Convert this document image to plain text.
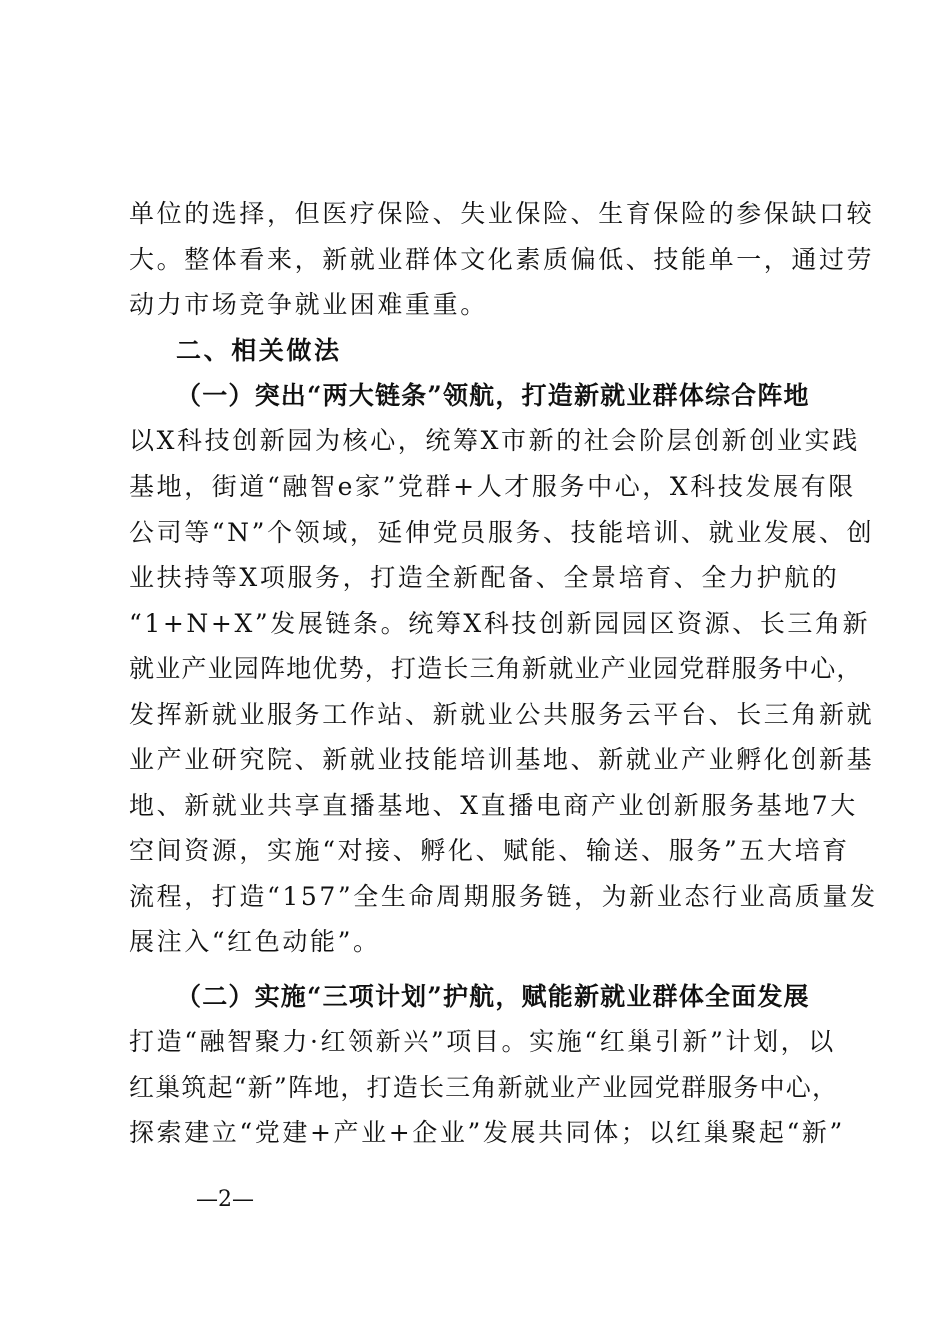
单位的选择，但医疗保险、失业保险、生育保险的参保缺口较
大。整体看来，新就业群体文化素质偏低、技能单一，通过劳
动力市场竞争就业困难重重。
二、相关做法
（一）突出“两大链条”领航，打造新就业群体综合阵地
以X科技创新园为核心，统筹X市新的社会阶层创新创业实践
基地，街道“融智e家”党群+人才服务中心，X科技发展有限
公司等“N”个领域，延伸党员服务、技能培训、就业发展、创
业扶持等X项服务，打造全新配备、全景培育、全力护航的
“1+N+X”发展链条。统筹X科技创新园园区资源、长三角新
就业产业园阵地优势，打造长三角新就业产业园党群服务中心，
发挥新就业服务工作站、新就业公共服务云平台、长三角新就
业产业研究院、新就业技能培训基地、新就业产业孵化创新基
地、新就业共享直播基地、X直播电商产业创新服务基地7大
空间资源，实施“对接、孵化、赋能、输送、服务”五大培育
流程，打造“157”全生命周期服务链，为新业态行业高质量发
展注入“红色动能”。
（二）实施“三项计划”护航，赋能新就业群体全面发展
打造“融智聚力·红领新兴”项目。实施“红巢引新”计划，以
红巢筑起“新”阵地，打造长三角新就业产业园党群服务中心，
探索建立“党建+产业+企业”发展共同体；以红巢聚起“新”
—2—
